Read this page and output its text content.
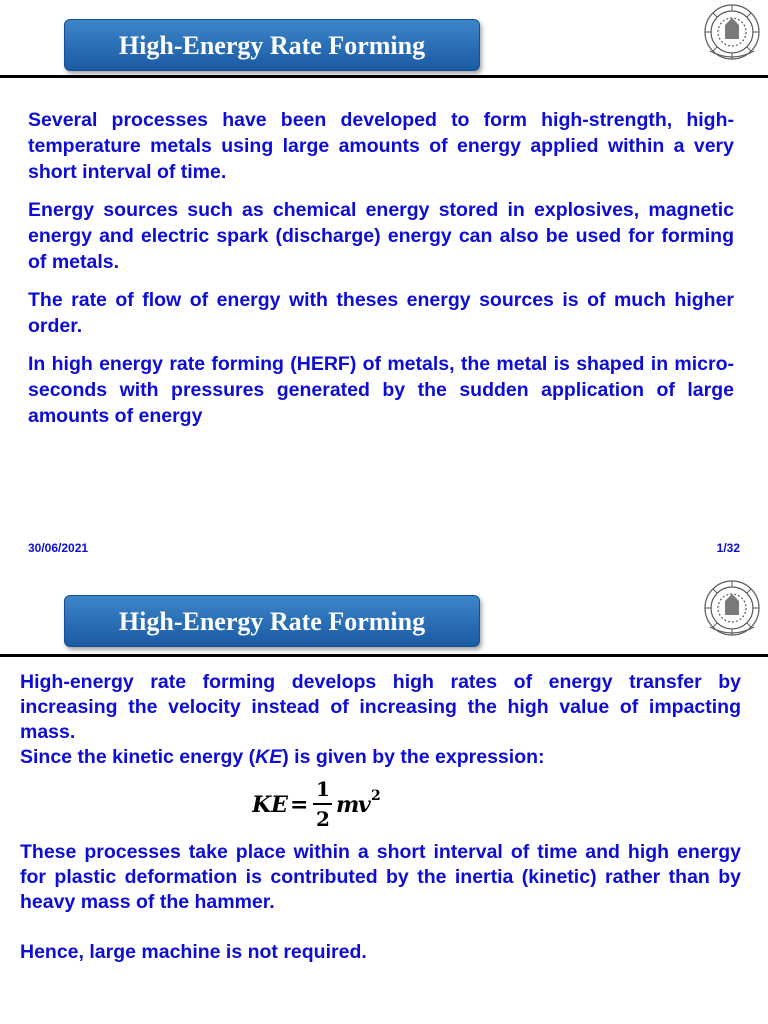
High-Energy Rate Forming

Several processes have been developed to form high-strength, high-temperature metals using large amounts of energy applied within a very short interval of time.

Energy sources such as chemical energy stored in explosives, magnetic energy and electric spark (discharge) energy can also be used for forming of metals.

The rate of flow of energy with theses energy sources is of much higher order.

In high energy rate forming (HERF) of metals, the metal is shaped in micro-seconds with pressures generated by the sudden application of large amounts of energy

30/06/2021	1/32
High-Energy Rate Forming

High-energy rate forming develops high rates of energy transfer by increasing the velocity instead of increasing the high value of impacting mass.

Since the kinetic energy (KE) is given by the expression:

KE =
1
2
m
v 2

These processes take place within a short interval of time and high energy for plastic deformation is contributed by the inertia (kinetic) rather than by heavy mass of the hammer.

Hence, large machine is not required.
